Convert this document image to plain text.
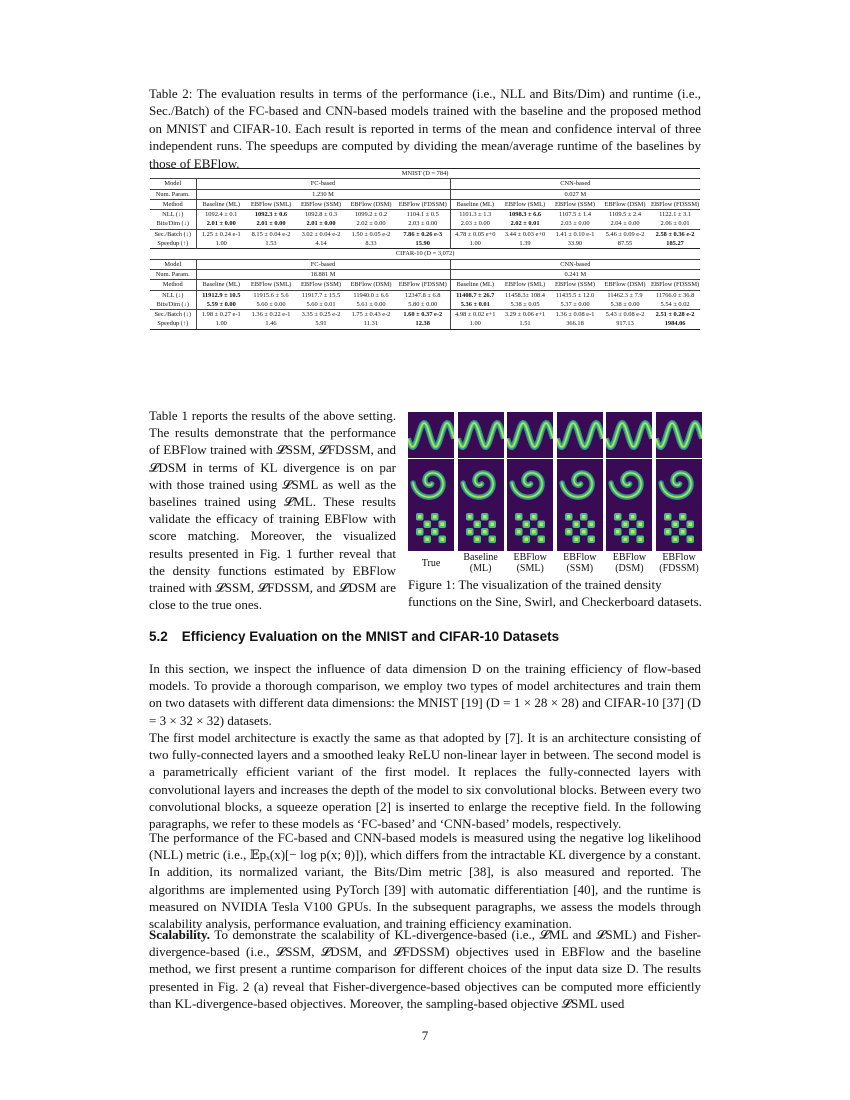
Table 2: The evaluation results in terms of the performance (i.e., NLL and Bits/Dim) and runtime (i.e., Sec./Batch) of the FC-based and CNN-based models trained with the baseline and the proposed method on MNIST and CIFAR-10. Each result is reported in terms of the mean and confidence interval of three independent runs. The speedups are computed by dividing the mean/average runtime of the baselines by those of EBFlow.
MNIST (D = 784)										
Model	FC-based					CNN-based				
Num. Param.	1.230 M					0.027 M				
Method	Baseline (ML)	EBFlow (SML)	EBFlow (SSM)	EBFlow (DSM)	EBFlow (FDSSM)	Baseline (ML)	EBFlow (SML)	EBFlow (SSM)	EBFlow (DSM)	EBFlow (FDSSM)
NLL (↓)	1092.4 ± 0.1	1092.3 ± 0.6	1092.8 ± 0.3	1099.2 ± 0.2	1104.1 ± 0.5	1101.3 ± 1.3	1098.3 ± 6.6	1107.5 ± 1.4	1109.5 ± 2.4	1122.1 ± 3.1
Bits/Dim (↓)	2.01 ± 0.00	2.01 ± 0.00	2.01 ± 0.00	2.02 ± 0.00	2.03 ± 0.00	2.03 ± 0.00	2.02 ± 0.01	2.03 ± 0.00	2.04 ± 0.00	2.06 ± 0.01
Sec./Batch (↓)	1.25 ± 0.24 e-1	8.15 ± 0.04 e-2	3.02 ± 0.04 e-2	1.50 ± 0.05 e-2	7.86 ± 0.26 e-3	4.78 ± 0.05 e+0	3.44 ± 0.03 e+0	1.41 ± 0.10 e-1	5.46 ± 0.09 e-2	2.58 ± 0.36 e-2
Speedup (↑)	1.00	1.53	4.14	8.33	15.90	1.00	1.39	33.90	87.55	185.27
CIFAR-10 (D = 3,072)										
Model	FC-based					CNN-based				
Num. Param.	18.881 M					0.241 M				
Method	Baseline (ML)	EBFlow (SML)	EBFlow (SSM)	EBFlow (DSM)	EBFlow (FDSSM)	Baseline (ML)	EBFlow (SML)	EBFlow (SSM)	EBFlow (DSM)	EBFlow (FDSSM)
NLL (↓)	11912.9 ± 10.5	11915.6 ± 5.6	11917.7 ± 15.5	11940.0 ± 6.6	12347.8 ± 6.8	11408.7 ± 26.7	11458.3± 108.4	11435.5 ± 12.0	11462.3 ± 7.9	11766.0 ± 36.8
Bits/Dim (↓)	5.59 ± 0.00	5.60 ± 0.00	5.60 ± 0.01	5.61 ± 0.00	5.80 ± 0.00	5.36 ± 0.01	5.38 ± 0.05	5.37 ± 0.00	5.38 ± 0.00	5.54 ± 0.02
Sec./Batch (↓)	1.98 ± 0.27 e-1	1.36 ± 0.22 e-1	3.35 ± 0.25 e-2	1.75 ± 0.43 e-2	1.60 ± 0.37 e-2	4.98 ± 0.02 e+1	3.29 ± 0.06 e+1	1.36 ± 0.08 e-1	5.43 ± 0.08 e-2	2.51 ± 0.28 e-2
Speedup (↑)	1.00	1.46	5.91	11.31	12.38	1.00	1.51	366.18	917.13	1984.06
Table 1 reports the results of the above setting. The results demonstrate that the performance of EBFlow trained with 𝓛SSM, 𝓛FDSSM, and 𝓛DSM in terms of KL divergence is on par with those trained using 𝓛SML as well as the baselines trained using 𝓛ML. These results validate the efficacy of training EBFlow with score matching. Moreover, the visualized results presented in Fig. 1 further reveal that the density functions estimated by EBFlow trained with 𝓛SSM, 𝓛FDSSM, and 𝓛DSM are close to the true ones.
True
Baseline
(ML)
EBFlow
(SML)
EBFlow
(SSM)
EBFlow
(DSM)
EBFlow
(FDSSM)
Figure 1: The visualization of the trained density functions on the Sine, Swirl, and Checkerboard datasets.
5.2 Efficiency Evaluation on the MNIST and CIFAR-10 Datasets
In this section, we inspect the influence of data dimension D on the training efficiency of flow-based models. To provide a thorough comparison, we employ two types of model architectures and train them on two datasets with different data dimensions: the MNIST [19] (D = 1 × 28 × 28) and CIFAR-10 [37] (D = 3 × 32 × 32) datasets.
The first model architecture is exactly the same as that adopted by [7]. It is an architecture consisting of two fully-connected layers and a smoothed leaky ReLU non-linear layer in between. The second model is a parametrically efficient variant of the first model. It replaces the fully-connected layers with convolutional layers and increases the depth of the model to six convolutional blocks. Between every two convolutional blocks, a squeeze operation [2] is inserted to enlarge the receptive field. In the following paragraphs, we refer to these models as ‘FC-based’ and ‘CNN-based’ models, respectively.
The performance of the FC-based and CNN-based models is measured using the negative log likelihood (NLL) metric (i.e., 𝔼pₓ(x)[− log p(x; θ)]), which differs from the intractable KL divergence by a constant. In addition, its normalized variant, the Bits/Dim metric [38], is also measured and reported. The algorithms are implemented using PyTorch [39] with automatic differentiation [40], and the runtime is measured on NVIDIA Tesla V100 GPUs. In the subsequent paragraphs, we assess the models through scalability analysis, performance evaluation, and training efficiency examination.
Scalability. To demonstrate the scalability of KL-divergence-based (i.e., 𝓛ML and 𝓛SML) and Fisher-divergence-based (i.e., 𝓛SSM, 𝓛DSM, and 𝓛FDSSM) objectives used in EBFlow and the baseline method, we first present a runtime comparison for different choices of the input data size D. The results presented in Fig. 2 (a) reveal that Fisher-divergence-based objectives can be computed more efficiently than KL-divergence-based objectives. Moreover, the sampling-based objective 𝓛SML used
7
